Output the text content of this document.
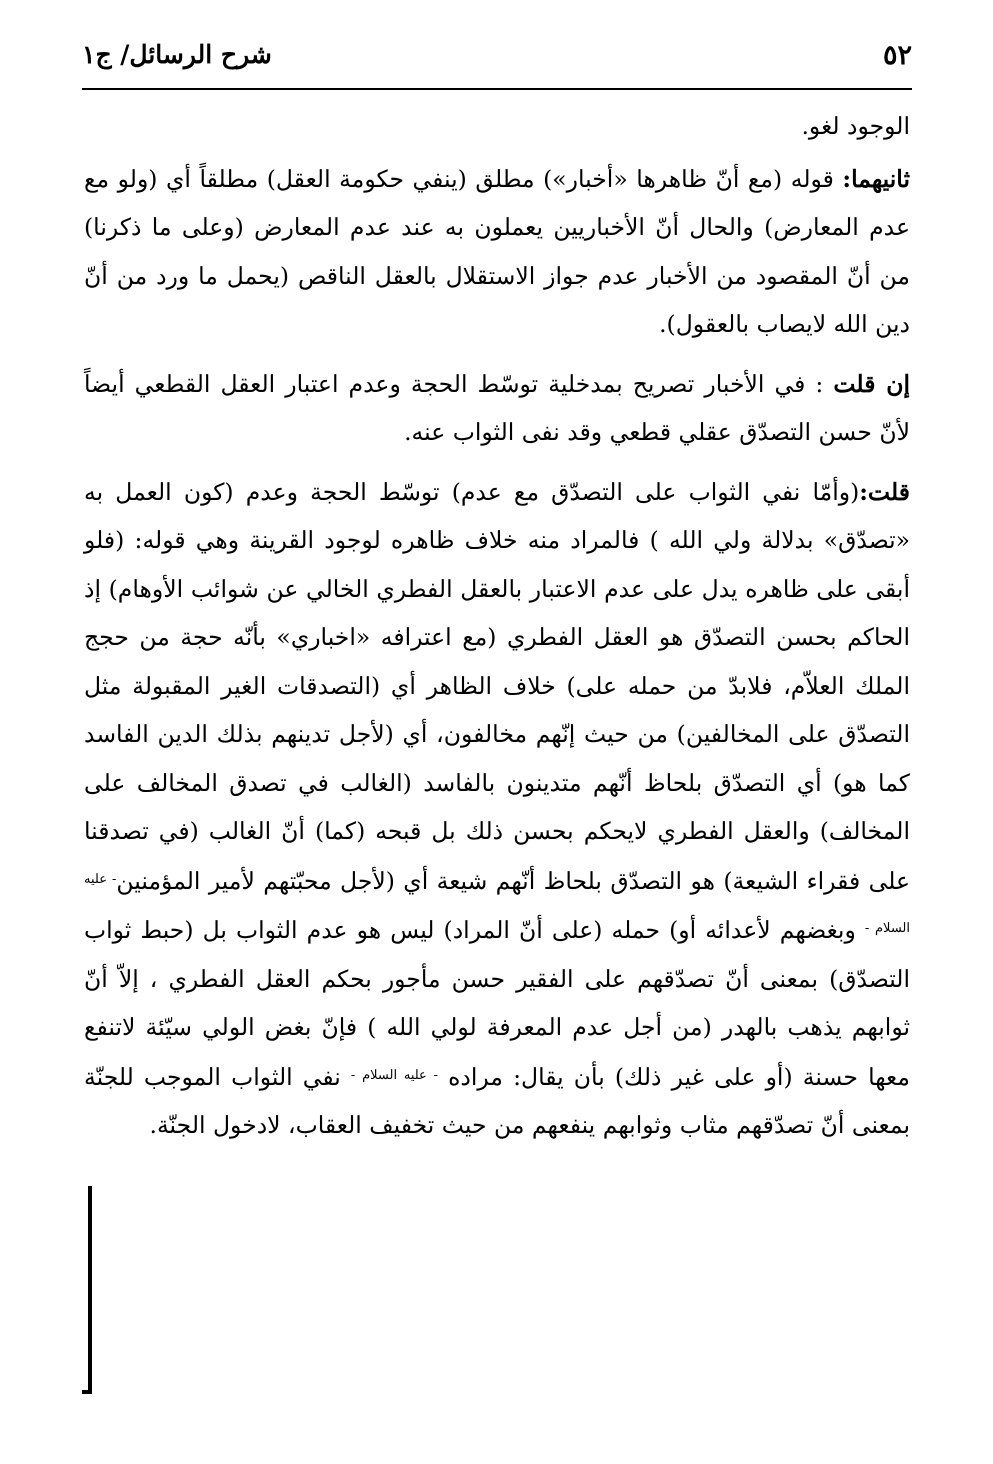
٥٢
شرح الرسائل/ ج١

الوجود لغو.

ثانيهما: قوله (مع أنّ ظاهرها «أخبار») مطلق (ينفي حكومة العقل) مطلقاً أي (ولو مع عدم المعارض) والحال أنّ الأخباريين يعملون به عند عدم المعارض (وعلى ما ذكرنا) من أنّ المقصود من الأخبار عدم جواز الاستقلال بالعقل الناقص (يحمل ما ورد من أنّ دين الله لايصاب بالعقول).

إن قلت : في الأخبار تصريح بمدخلية توسّط الحجة وعدم اعتبار العقل القطعي أيضاً لأنّ حسن التصدّق عقلي قطعي وقد نفى الثواب عنه.

قلت:(وأمّا نفي الثواب على التصدّق مع عدم) توسّط الحجة وعدم (كون العمل به «تصدّق» بدلالة ولي الله ) فالمراد منه خلاف ظاهره لوجود القرينة وهي قوله: (فلو أبقى على ظاهره يدل على عدم الاعتبار بالعقل الفطري الخالي عن شوائب الأوهام) إذ الحاكم بحسن التصدّق هو العقل الفطري (مع اعترافه «اخباري» بأنّه حجة من حجج الملك العلاّم، فلابدّ من حمله على) خلاف الظاهر أي (التصدقات الغير المقبولة مثل التصدّق على المخالفين) من حيث إنّهم مخالفون، أي (لأجل تدينهم بذلك الدين الفاسد كما هو) أي التصدّق بلحاظ أنّهم متدينون بالفاسد (الغالب في تصدق المخالف على المخالف) والعقل الفطري لايحكم بحسن ذلك بل قبحه (كما) أنّ الغالب (في تصدقنا على فقراء الشيعة) هو التصدّق بلحاظ أنّهم شيعة أي (لأجل محبّتهم لأمير المؤمنين$^{- عليه السلام -}$ وبغضهم لأعدائه أو) حمله (على أنّ المراد) ليس هو عدم الثواب بل (حبط ثواب التصدّق) بمعنى أنّ تصدّقهم على الفقير حسن مأجور بحكم العقل الفطري ، إلاّ أنّ ثوابهم يذهب بالهدر (من أجل عدم المعرفة لولي الله ) فإنّ بغض الولي سيّئة لاتنفع معها حسنة (أو على غير ذلك) بأن يقال: مراده $^{- عليه السلام -}$ نفي الثواب الموجب للجنّة بمعنى أنّ تصدّقهم مثاب وثوابهم ينفعهم من حيث تخفيف العقاب، لادخول الجنّة.
